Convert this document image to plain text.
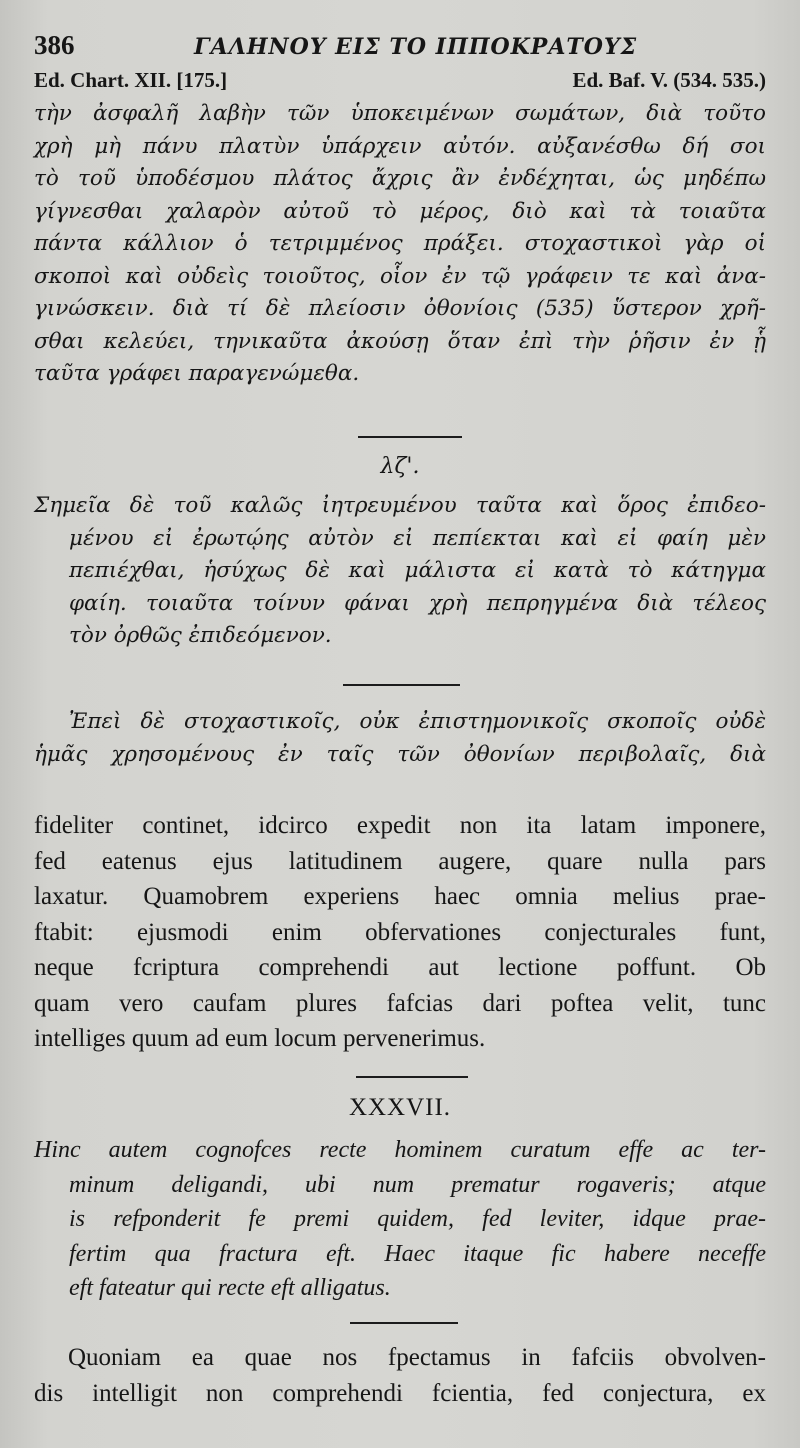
386	ΓΑΛΗΝΟΥ ΕΙΣ ΤΟ ΙΠΠΟΚΡΑΤΟΥΣ
Ed. Chart. XII. [175.]	Ed. Baf. V. (534. 535.)
τὴν ἀσφαλῆ λαβὴν τῶν ὑποκειμένων σωμάτων, διὰ τοῦτο
χρὴ μὴ πάνυ πλατὺν ὑπάρχειν αὐτόν. αὐξανέσθω δή σοι
τὸ τοῦ ὑποδέσμου πλάτος ἄχρις ἂν ἐνδέχηται, ὡς μηδέπω
γίγνεσθαι χαλαρὸν αὐτοῦ τὸ μέρος, διὸ καὶ τὰ τοιαῦτα
πάντα κάλλιον ὁ τετριμμένος πράξει. στοχαστικοὶ γὰρ οἱ
σκοποὶ καὶ οὐδεὶς τοιοῦτος, οἷον ἐν τῷ γράφειν τε καὶ ἀνα-
γινώσκειν. διὰ τί δὲ πλείοσιν ὀθονίοις (535) ὕστερον χρῆ-
σθαι κελεύει, τηνικαῦτα ἀκούσῃ ὅταν ἐπὶ τὴν ῥῆσιν ἐν ᾗ
ταῦτα γράφει παραγενώμεθα.
λζ'.
Σημεῖα δὲ τοῦ καλῶς ἰητρευμένου ταῦτα καὶ ὅρος ἐπιδεο-
μένου εἰ ἐρωτῴης αὐτὸν εἰ πεπίεκται καὶ εἰ φαίη μὲν
πεπιέχθαι, ἡσύχως δὲ καὶ μάλιστα εἰ κατὰ τὸ κάτηγμα
φαίη. τοιαῦτα τοίνυν φάναι χρὴ πεπρηγμένα διὰ τέλεος
τὸν ὀρθῶς ἐπιδεόμενον.
Ἐπεὶ δὲ στοχαστικοῖς, οὐκ ἐπιστημονικοῖς σκοποῖς οὐδὲ
ἡμᾶς χρησομένους ἐν ταῖς τῶν ὀθονίων περιβολαῖς, διὰ
fideliter continet, idcirco expedit non ita latam imponere,
fed eatenus ejus latitudinem augere, quare nulla pars
laxatur. Quamobrem experiens haec omnia melius prae-
ftabit: ejusmodi enim obfervationes conjecturales funt,
neque fcriptura comprehendi aut lectione poffunt. Ob
quam vero caufam plures fafcias dari poftea velit, tunc
intelliges quum ad eum locum pervenerimus.
XXXVII.
Hinc autem cognofces recte hominem curatum effe ac ter-
minum deligandi, ubi num prematur rogaveris; atque
is refponderit fe premi quidem, fed leviter, idque prae-
fertim qua fractura eft. Haec itaque fic habere neceffe
eft fateatur qui recte eft alligatus.
Quoniam ea quae nos fpectamus in fafciis obvolven-
dis intelligit non comprehendi fcientia, fed conjectura, ex
